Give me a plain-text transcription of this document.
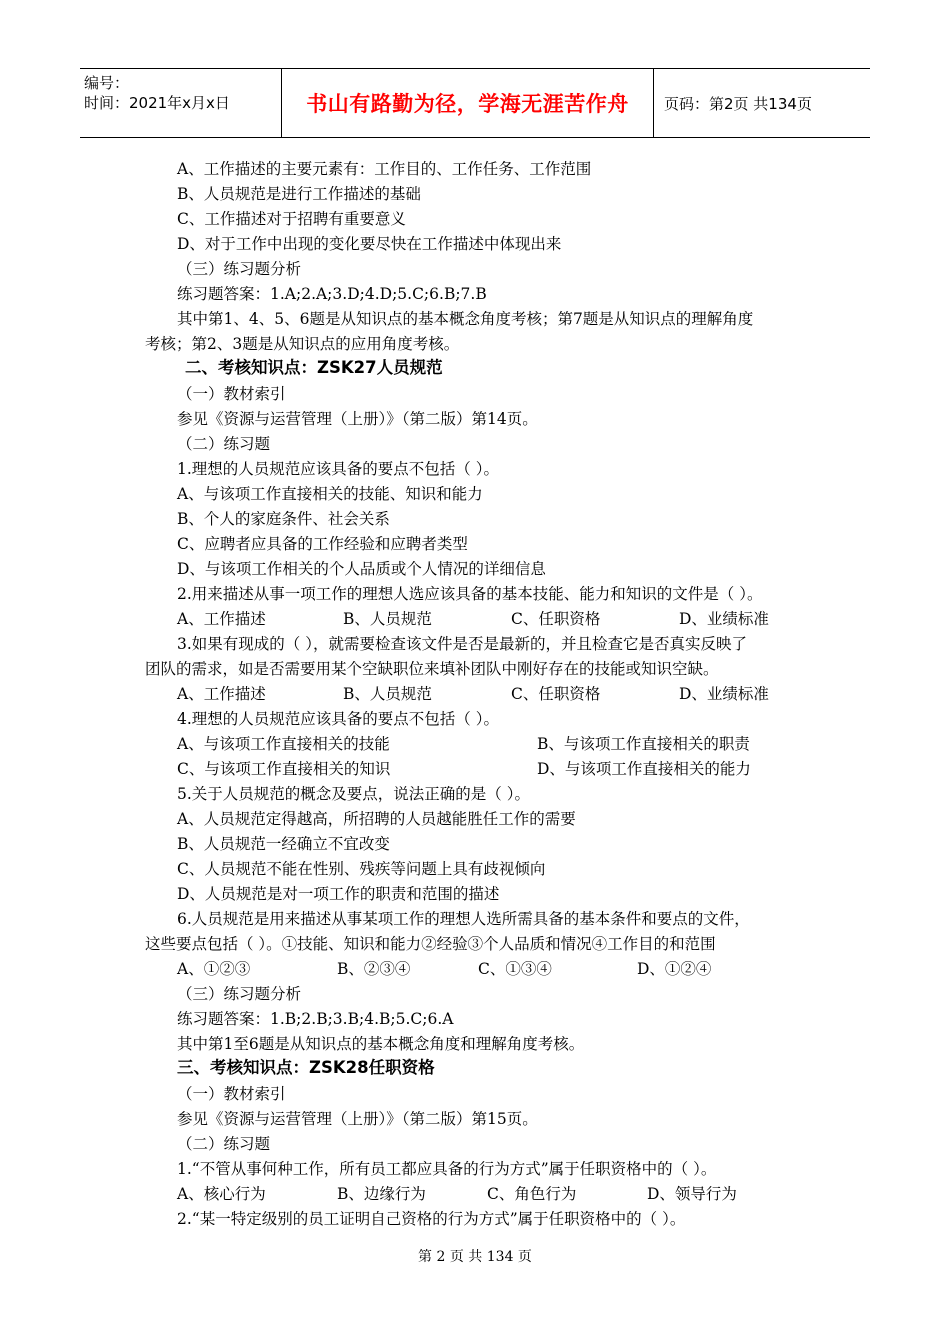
编号：
时间：2021年x月x日	书山有路勤为径，学海无涯苦作舟	页码：第2页 共134页
A、工作描述的主要元素有：工作目的、工作任务、工作范围
B、人员规范是进行工作描述的基础
C、工作描述对于招聘有重要意义
D、对于工作中出现的变化要尽快在工作描述中体现出来
（三）练习题分析
练习题答案：1.A;2.A;3.D;4.D;5.C;6.B;7.B
其中第1、4、5、6题是从知识点的基本概念角度考核；第7题是从知识点的理解角度
考核；第2、3题是从知识点的应用角度考核。
二、考核知识点：ZSK27人员规范
（一）教材索引
参见《资源与运营管理（上册）》（第二版）第14页。
（二）练习题
1.理想的人员规范应该具备的要点不包括（ ）。
A、与该项工作直接相关的技能、知识和能力
B、个人的家庭条件、社会关系
C、应聘者应具备的工作经验和应聘者类型
D、与该项工作相关的个人品质或个人情况的详细信息
2.用来描述从事一项工作的理想人选应该具备的基本技能、能力和知识的文件是（ ）。
A、工作描述	B、人员规范	C、任职资格	D、业绩标准
3.如果有现成的（ ），就需要检查该文件是否是最新的，并且检查它是否真实反映了
团队的需求，如是否需要用某个空缺职位来填补团队中刚好存在的技能或知识空缺。
A、工作描述	B、人员规范	C、任职资格	D、业绩标准
4.理想的人员规范应该具备的要点不包括（ ）。
A、与该项工作直接相关的技能	B、与该项工作直接相关的职责
C、与该项工作直接相关的知识	D、与该项工作直接相关的能力
5.关于人员规范的概念及要点，说法正确的是（ ）。
A、人员规范定得越高，所招聘的人员越能胜任工作的需要
B、人员规范一经确立不宜改变
C、人员规范不能在性别、残疾等问题上具有歧视倾向
D、人员规范是对一项工作的职责和范围的描述
6.人员规范是用来描述从事某项工作的理想人选所需具备的基本条件和要点的文件，
这些要点包括（ ）。①技能、知识和能力②经验③个人品质和情况④工作目的和范围
A、①②③	B、②③④	C、①③④	D、①②④
（三）练习题分析
练习题答案：1.B;2.B;3.B;4.B;5.C;6.A
其中第1至6题是从知识点的基本概念角度和理解角度考核。
三、考核知识点：ZSK28任职资格
（一）教材索引
参见《资源与运营管理（上册）》（第二版）第15页。
（二）练习题
1.“不管从事何种工作，所有员工都应具备的行为方式”属于任职资格中的（ ）。
A、核心行为	B、边缘行为	C、角色行为	D、领导行为
2.“某一特定级别的员工证明自己资格的行为方式”属于任职资格中的（ ）。
第 2 页 共 134 页
